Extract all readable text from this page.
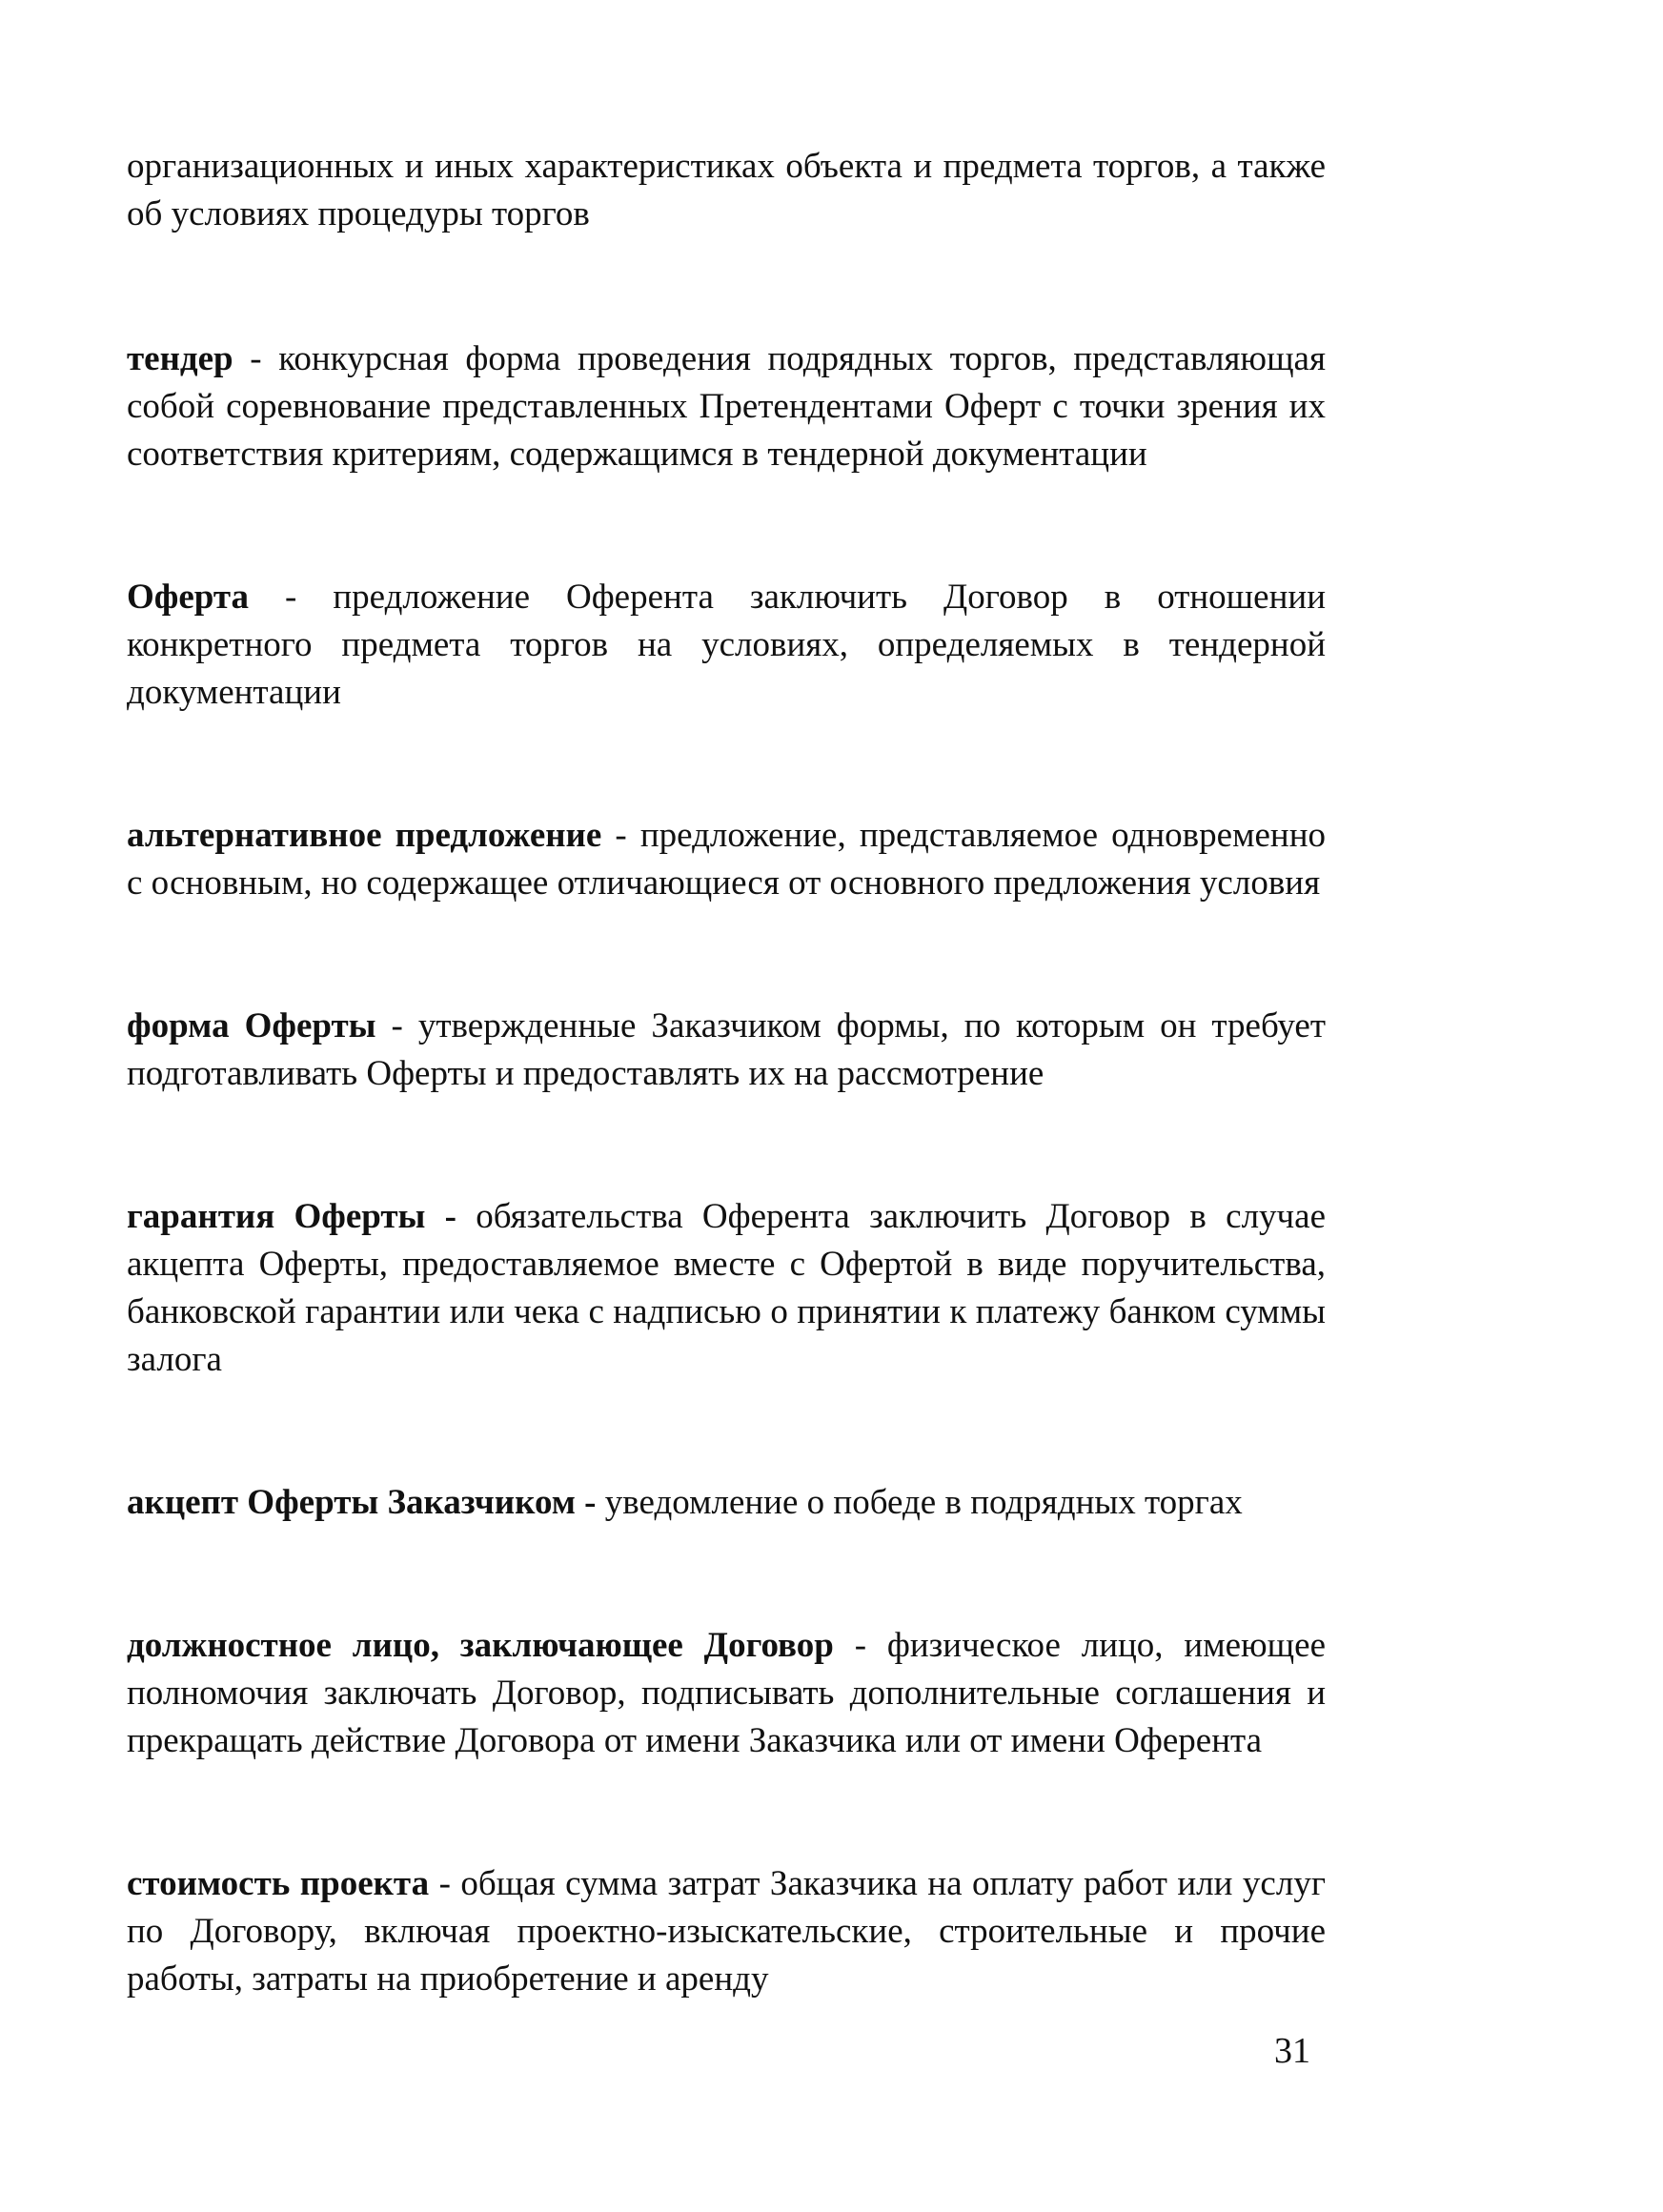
организационных и иных характеристиках объекта и предмета торгов, а также об условиях процедуры торгов

тендер - конкурсная форма проведения подрядных торгов, представляющая собой соревнование представленных Претендентами Оферт с точки зрения их соответствия критериям, содержащимся в тендерной документации

Оферта - предложение Оферента заключить Договор в отношении конкретного предмета торгов на условиях, определяемых в тендерной документации

альтернативное предложение - предложение, представляемое одновременно с основным, но содержащее отличающиеся от основного предложения условия

форма Оферты - утвержденные Заказчиком формы, по которым он требует подготавливать Оферты и предоставлять их на рассмотрение

гарантия Оферты - обязательства Оферента заключить Договор в случае акцепта Оферты, предоставляемое вместе с Офертой в виде поручительства, банковской гарантии или чека с надписью о принятии к платежу банком суммы залога

акцепт Оферты Заказчиком - уведомление о победе в подрядных торгах

должностное лицо, заключающее Договор - физическое лицо, имеющее полномочия заключать Договор, подписывать дополнительные соглашения и прекращать действие Договора от имени Заказчика или от имени Оферента

стоимость проекта - общая сумма затрат Заказчика на оплату работ или услуг по Договору, включая проектно-изыскательские, строительные и прочие работы, затраты на приобретение и аренду

31
